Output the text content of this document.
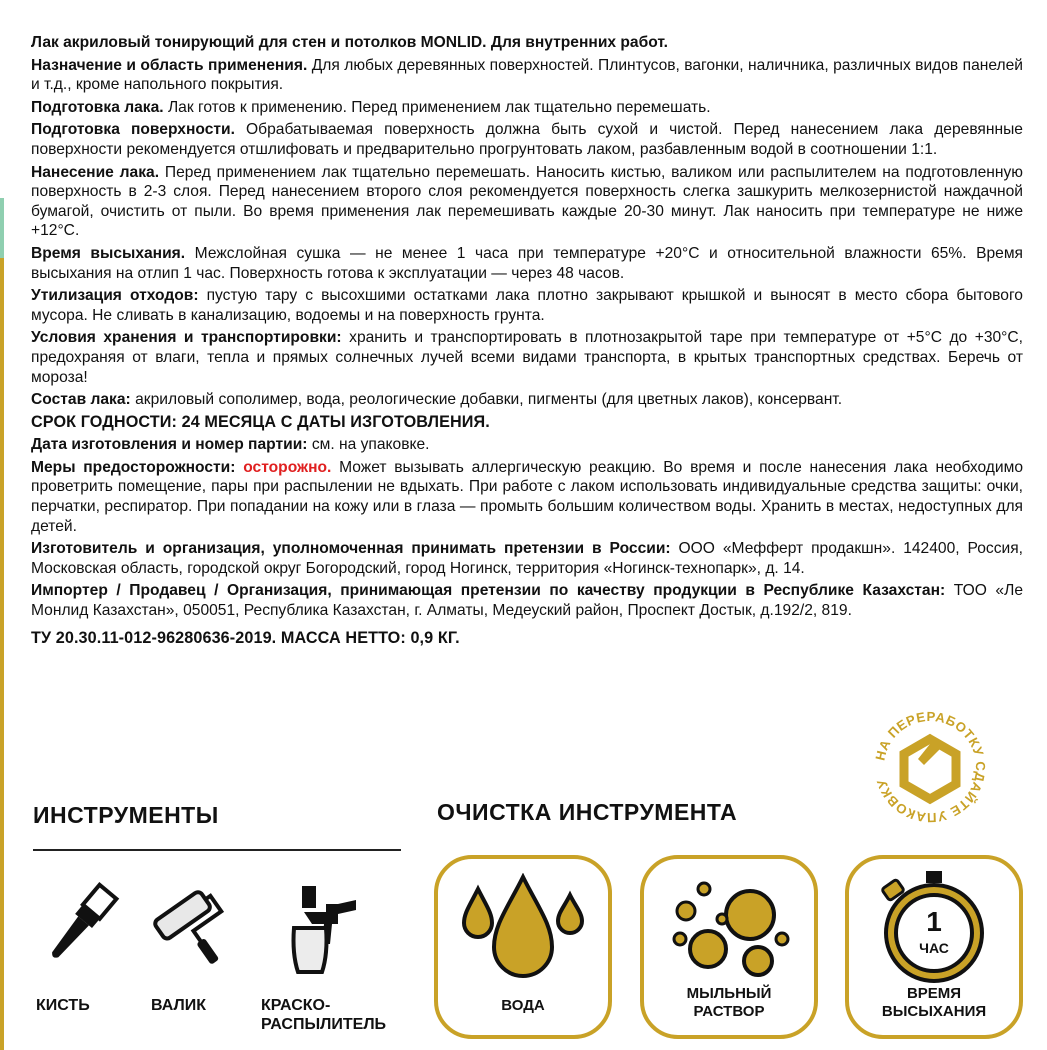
Лак акриловый тонирующий для стен и потолков MONLID. Для внутренних работ.

Назначение и область применения. Для любых деревянных поверхностей. Плинтусов, вагонки, наличника, различных видов панелей и т.д., кроме напольного покрытия.

Подготовка лака. Лак готов к применению. Перед применением лак тщательно перемешать.

Подготовка поверхности. Обрабатываемая поверхность должна быть сухой и чистой. Перед нанесением лака деревянные поверхности рекомендуется отшлифовать и предварительно прогрунтовать лаком, разбавленным водой в соотношении 1:1.

Нанесение лака. Перед применением лак тщательно перемешать. Наносить кистью, валиком или распылителем на подготовленную поверхность в 2-3 слоя. Перед нанесением второго слоя рекомендуется поверхность слегка зашкурить мелкозернистой наждачной бумагой, очистить от пыли. Во время применения лак перемешивать каждые 20-30 минут. Лак наносить при температуре не ниже +12°С.

Время высыхания. Межслойная сушка — не менее 1 часа при температуре +20°С и относительной влажности 65%. Время высыхания на отлип 1 час. Поверхность готова к эксплуатации — через 48 часов.

Утилизация отходов: пустую тару с высохшими остатками лака плотно закрывают крышкой и выносят в место сбора бытового мусора. Не сливать в канализацию, водоемы и на поверхность грунта.

Условия хранения и транспортировки: хранить и транспортировать в плотнозакрытой таре при температуре от +5°С до +30°С, предохраняя от влаги, тепла и прямых солнечных лучей всеми видами транспорта, в крытых транспортных средствах. Беречь от мороза!

Состав лака: акриловый сополимер, вода, реологические добавки, пигменты (для цветных лаков), консервант.

СРОК ГОДНОСТИ: 24 МЕСЯЦА С ДАТЫ ИЗГОТОВЛЕНИЯ.

Дата изготовления и номер партии: см. на упаковке.

Меры предосторожности: осторожно. Может вызывать аллергическую реакцию. Во время и после нанесения лака необходимо проветрить помещение, пары при распылении не вдыхать. При работе с лаком использовать индивидуальные средства защиты: очки, перчатки, респиратор. При попадании на кожу или в глаза — промыть большим количеством воды. Хранить в местах, недоступных для детей.

Изготовитель и организация, уполномоченная принимать претензии в России: ООО «Мефферт продакшн». 142400, Россия, Московская область, городской округ Богородский, город Ногинск, территория «Ногинск-технопарк», д. 14.

Импортер / Продавец / Организация, принимающая претензии по качеству продукции в Республике Казахстан: ТОО «Ле Монлид Казахстан», 050051, Республика Казахстан, г. Алматы, Медеуский район, Проспект Достык, д.192/2, 819.

ТУ 20.30.11-012-96280636-2019. МАССА НЕТТО: 0,9 КГ.

НА ПЕРЕРАБОТКУ СДАЙТЕ УПАКОВКУ
ИНСТРУМЕНТЫ
КИСТЬ	ВАЛИК	КРАСКО-
РАСПЫЛИТЕЛЬ
ОЧИСТКА ИНСТРУМЕНТА
ВОДА
МЫЛЬНЫЙ
РАСТВОР
1
ЧАС
ВРЕМЯ
ВЫСЫХАНИЯ
